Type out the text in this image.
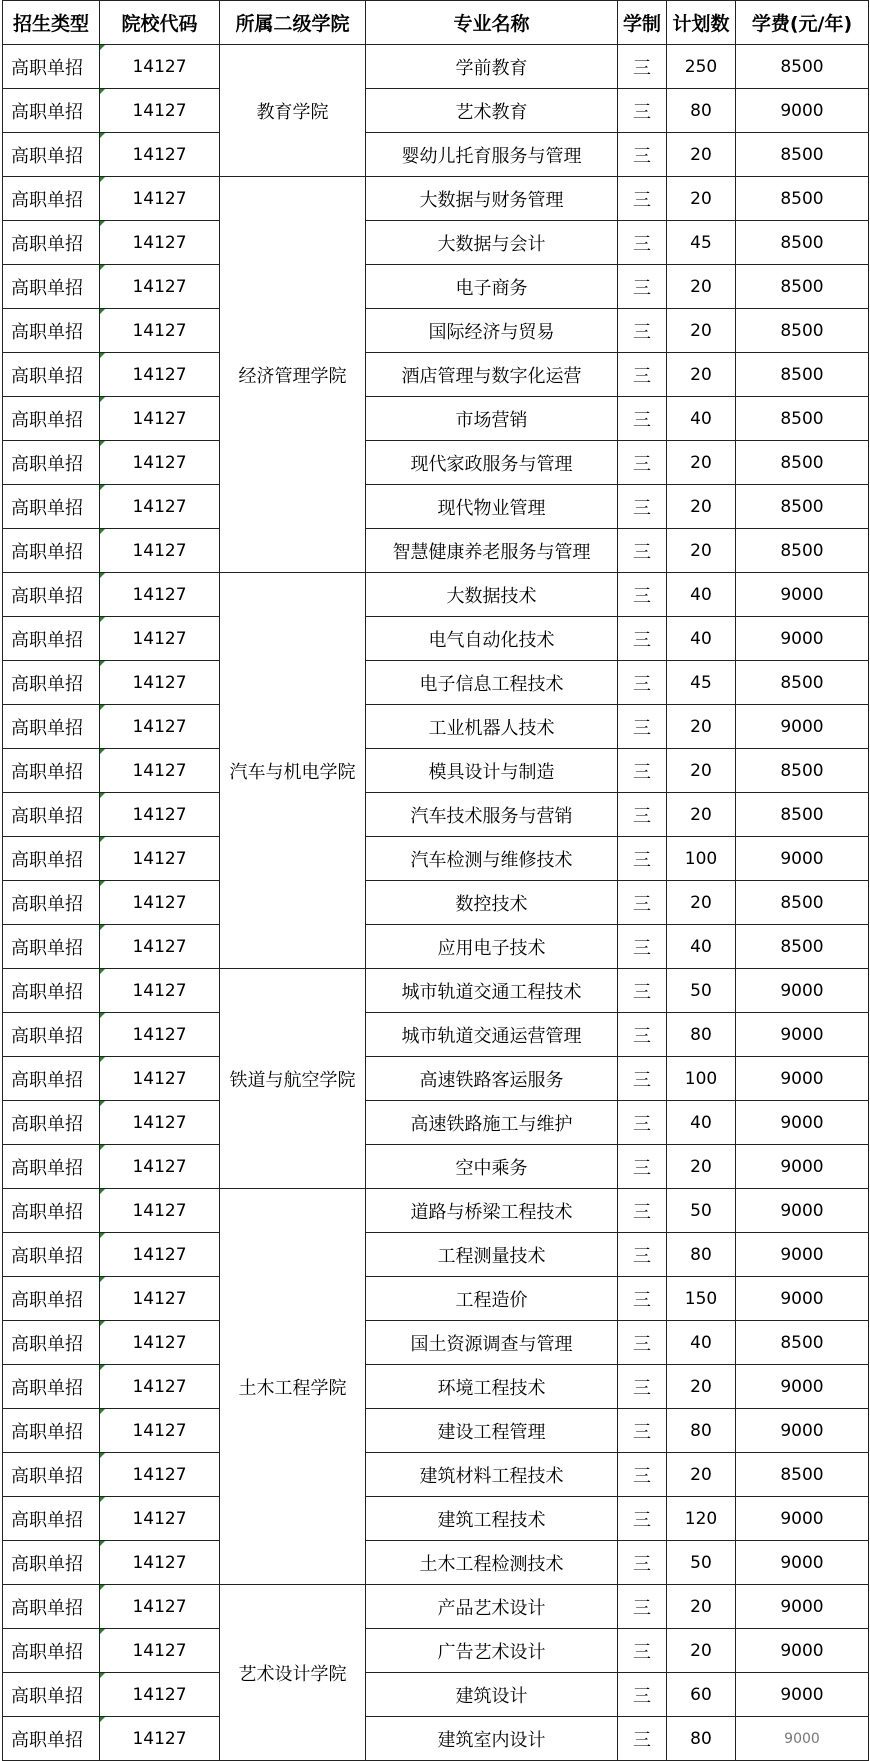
招生类型	院校代码	所属二级学院	专业名称	学制	计划数	学费(元/年)
高职单招	14127	教育学院	学前教育	三	250	8500
高职单招	14127		艺术教育	三	80	9000
高职单招	14127		婴幼儿托育服务与管理	三	20	8500
高职单招	14127	经济管理学院	大数据与财务管理	三	20	8500
高职单招	14127		大数据与会计	三	45	8500
高职单招	14127		电子商务	三	20	8500
高职单招	14127		国际经济与贸易	三	20	8500
高职单招	14127		酒店管理与数字化运营	三	20	8500
高职单招	14127		市场营销	三	40	8500
高职单招	14127		现代家政服务与管理	三	20	8500
高职单招	14127		现代物业管理	三	20	8500
高职单招	14127		智慧健康养老服务与管理	三	20	8500
高职单招	14127	汽车与机电学院	大数据技术	三	40	9000
高职单招	14127		电气自动化技术	三	40	9000
高职单招	14127		电子信息工程技术	三	45	8500
高职单招	14127		工业机器人技术	三	20	9000
高职单招	14127		模具设计与制造	三	20	8500
高职单招	14127		汽车技术服务与营销	三	20	8500
高职单招	14127		汽车检测与维修技术	三	100	9000
高职单招	14127		数控技术	三	20	8500
高职单招	14127		应用电子技术	三	40	8500
高职单招	14127	铁道与航空学院	城市轨道交通工程技术	三	50	9000
高职单招	14127		城市轨道交通运营管理	三	80	9000
高职单招	14127		高速铁路客运服务	三	100	9000
高职单招	14127		高速铁路施工与维护	三	40	9000
高职单招	14127		空中乘务	三	20	9000
高职单招	14127	土木工程学院	道路与桥梁工程技术	三	50	9000
高职单招	14127		工程测量技术	三	80	9000
高职单招	14127		工程造价	三	150	9000
高职单招	14127		国土资源调查与管理	三	40	8500
高职单招	14127		环境工程技术	三	20	9000
高职单招	14127		建设工程管理	三	80	9000
高职单招	14127		建筑材料工程技术	三	20	8500
高职单招	14127		建筑工程技术	三	120	9000
高职单招	14127		土木工程检测技术	三	50	9000
高职单招	14127	艺术设计学院	产品艺术设计	三	20	9000
高职单招	14127		广告艺术设计	三	20	9000
高职单招	14127		建筑设计	三	60	9000
高职单招	14127		建筑室内设计	三	80	9000
